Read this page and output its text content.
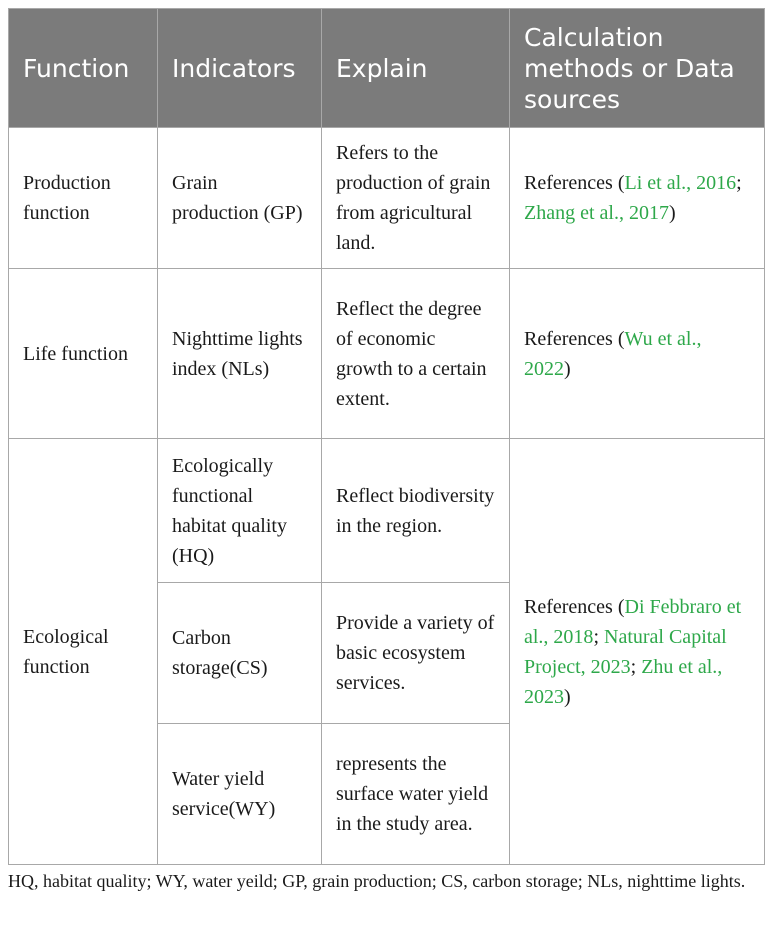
Function	Indicators	Explain	Calculation methods or Data sources
Production function	Grain production (GP)	Refers to the production of grain from agricultural land.	References (Li et al., 2016; Zhang et al., 2017)
Life function	Nighttime lights index (NLs)	Reflect the degree of economic growth to a certain extent.	References (Wu et al., 2022)
Ecological function	Ecologically functional habitat quality (HQ)	Reflect biodiversity in the region.	References (Di Febbraro et al., 2018; Natural Capital Project, 2023; Zhu et al., 2023)
	Carbon storage(CS)	Provide a variety of basic ecosystem services.	
	Water yield service(WY)	represents the surface water yield in the study area.	
HQ, habitat quality; WY, water yeild; GP, grain production; CS, carbon storage; NLs, nighttime lights.
